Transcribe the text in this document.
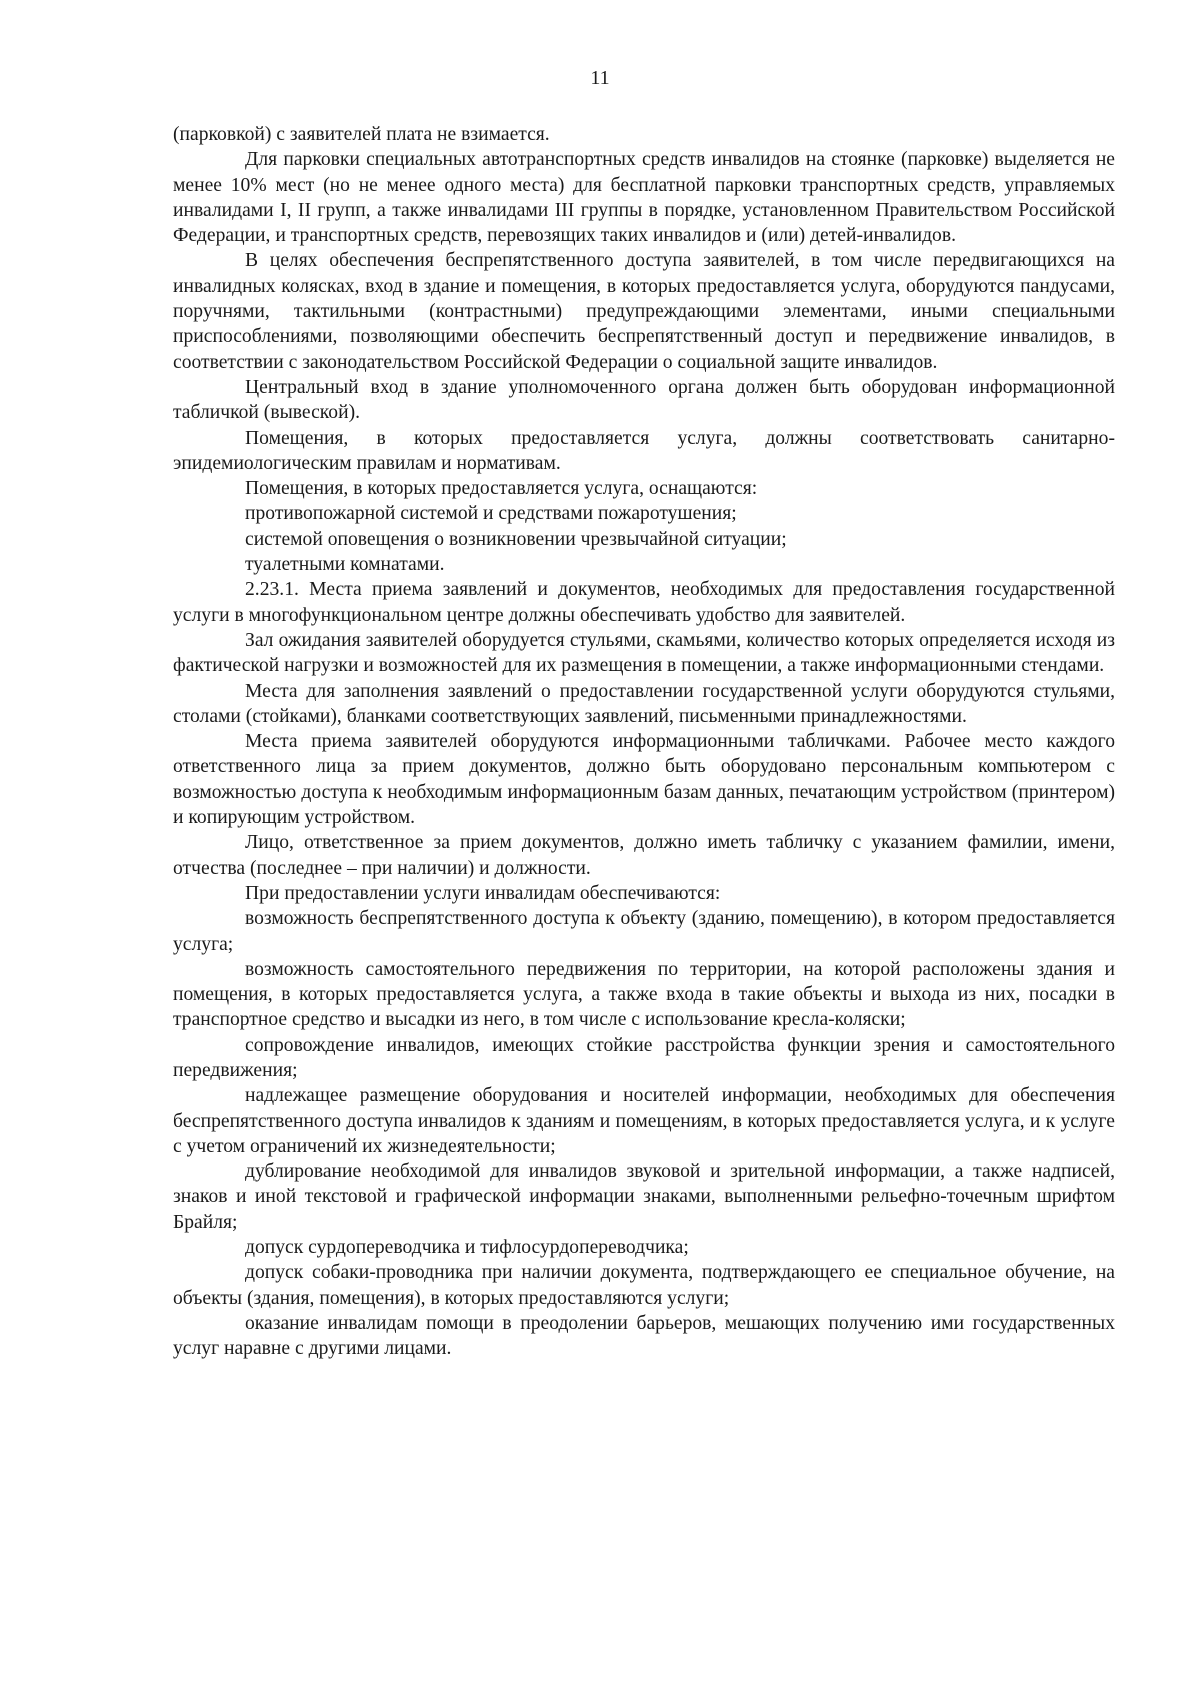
11

(парковкой) с заявителей плата не взимается.

Для парковки специальных автотранспортных средств инвалидов на стоянке (парковке) выделяется не менее 10% мест (но не менее одного места) для бесплатной парковки транспортных средств, управляемых инвалидами I, II групп, а также инвалидами III группы в порядке, установленном Правительством Российской Федерации, и транспортных средств, перевозящих таких инвалидов и (или) детей-инвалидов.

В целях обеспечения беспрепятственного доступа заявителей, в том числе передвигающихся на инвалидных колясках, вход в здание и помещения, в которых предоставляется услуга, оборудуются пандусами, поручнями, тактильными (контрастными) предупреждающими элементами, иными специальными приспособлениями, позволяющими обеспечить беспрепятственный доступ и передвижение инвалидов, в соответствии с законодательством Российской Федерации о социальной защите инвалидов.

Центральный вход в здание уполномоченного органа должен быть оборудован информационной табличкой (вывеской).

Помещения, в которых предоставляется услуга, должны соответствовать санитарно-эпидемиологическим правилам и нормативам.

Помещения, в которых предоставляется услуга, оснащаются:

противопожарной системой и средствами пожаротушения;

системой оповещения о возникновении чрезвычайной ситуации;

туалетными комнатами.

2.23.1. Места приема заявлений и документов, необходимых для предоставления государственной услуги в многофункциональном центре должны обеспечивать удобство для заявителей.

Зал ожидания заявителей оборудуется стульями, скамьями, количество которых определяется исходя из фактической нагрузки и возможностей для их размещения в помещении, а также информационными стендами.

Места для заполнения заявлений о предоставлении государственной услуги оборудуются стульями, столами (стойками), бланками соответствующих заявлений, письменными принадлежностями.

Места приема заявителей оборудуются информационными табличками. Рабочее место каждого ответственного лица за прием документов, должно быть оборудовано персональным компьютером с возможностью доступа к необходимым информационным базам данных, печатающим устройством (принтером) и копирующим устройством.

Лицо, ответственное за прием документов, должно иметь табличку с указанием фамилии, имени, отчества (последнее – при наличии) и должности.

При предоставлении услуги инвалидам обеспечиваются:

возможность беспрепятственного доступа к объекту (зданию, помещению), в котором предоставляется услуга;

возможность самостоятельного передвижения по территории, на которой расположены здания и помещения, в которых предоставляется услуга, а также входа в такие объекты и выхода из них, посадки в транспортное средство и высадки из него, в том числе с использование кресла-коляски;

сопровождение инвалидов, имеющих стойкие расстройства функции зрения и самостоятельного передвижения;

надлежащее размещение оборудования и носителей информации, необходимых для обеспечения беспрепятственного доступа инвалидов к зданиям и помещениям, в которых предоставляется услуга, и к услуге с учетом ограничений их жизнедеятельности;

дублирование необходимой для инвалидов звуковой и зрительной информации, а также надписей, знаков и иной текстовой и графической информации знаками, выполненными рельефно-точечным шрифтом Брайля;

допуск сурдопереводчика и тифлосурдопереводчика;

допуск собаки-проводника при наличии документа, подтверждающего ее специальное обучение, на объекты (здания, помещения), в которых предоставляются услуги;

оказание инвалидам помощи в преодолении барьеров, мешающих получению ими государственных услуг наравне с другими лицами.
